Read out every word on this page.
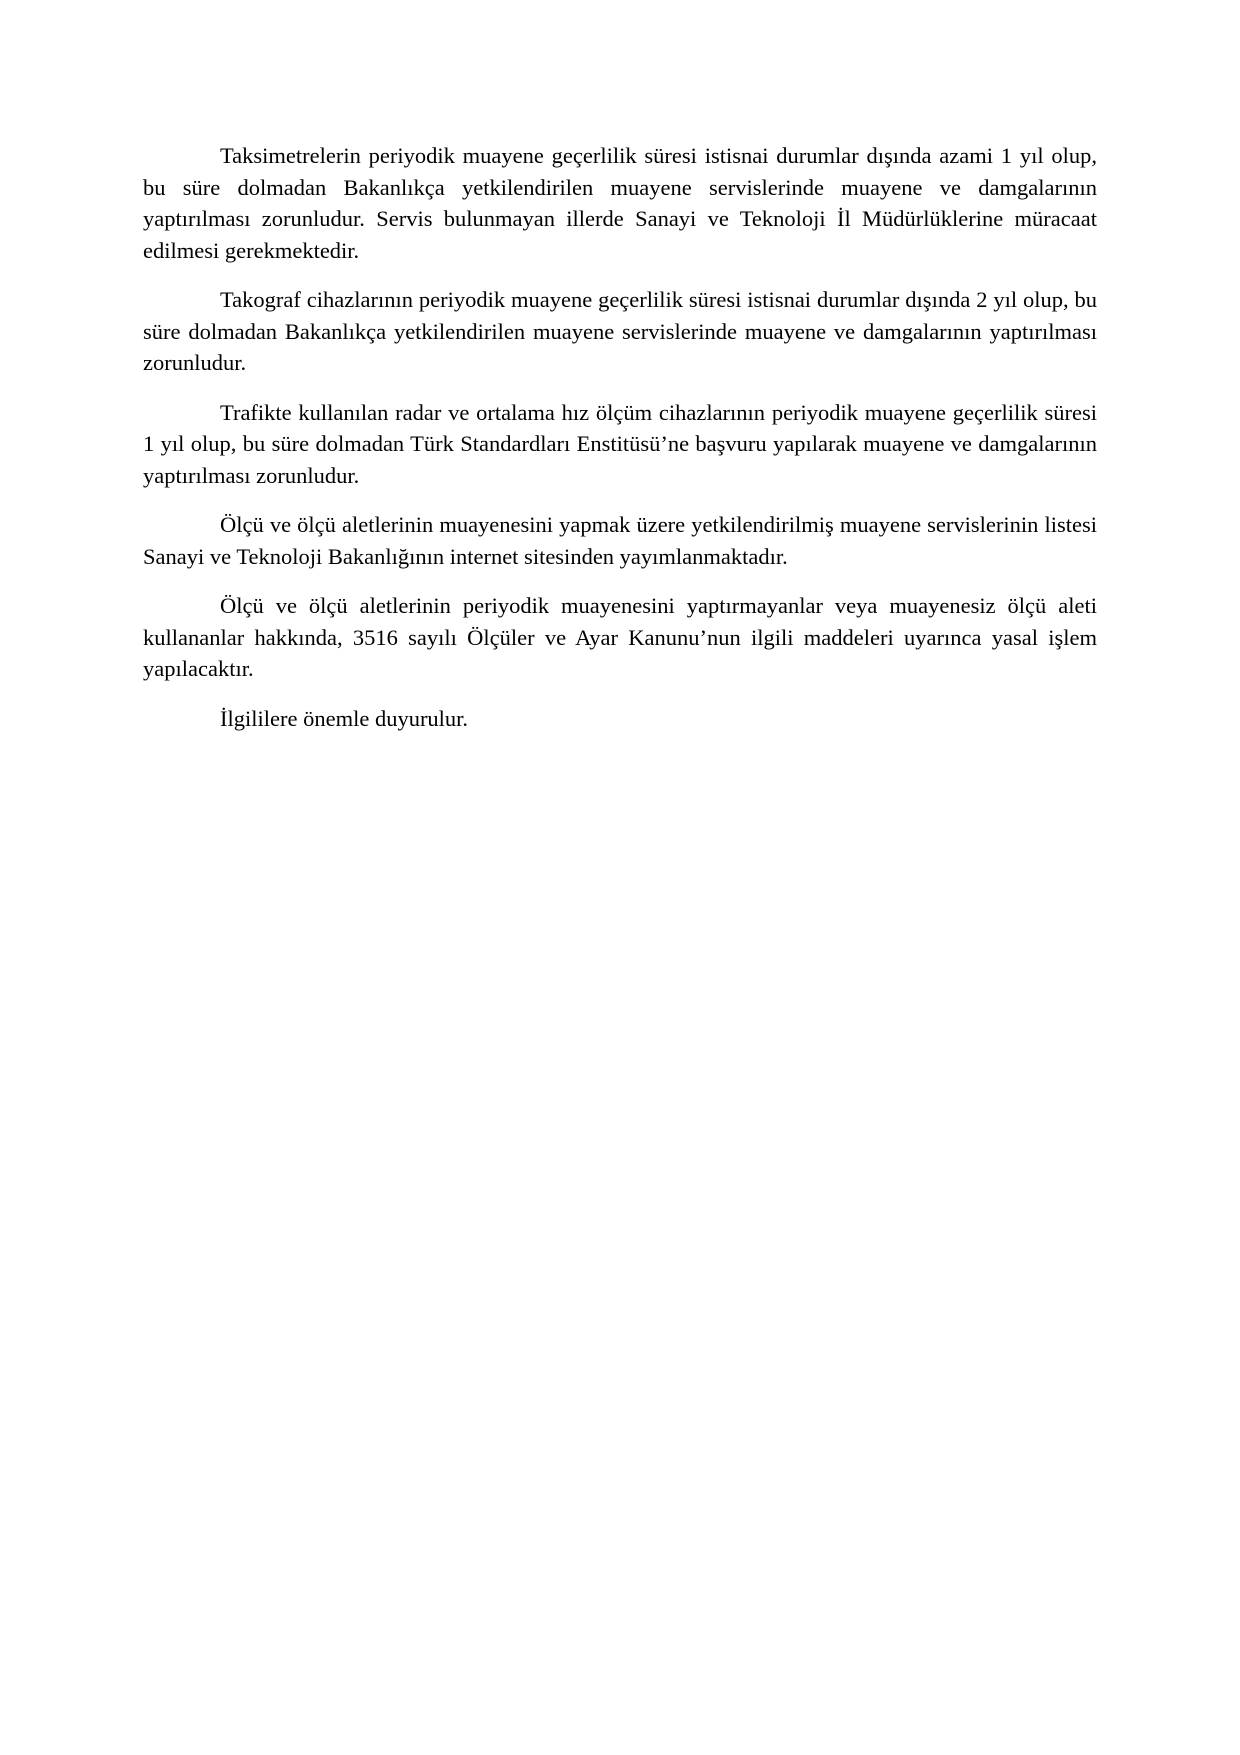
Taksimetrelerin periyodik muayene geçerlilik süresi istisnai durumlar dışında azami 1 yıl olup, bu süre dolmadan Bakanlıkça yetkilendirilen muayene servislerinde muayene ve damgalarının yaptırılması zorunludur. Servis bulunmayan illerde Sanayi ve Teknoloji İl Müdürlüklerine müracaat edilmesi gerekmektedir.

Takograf cihazlarının periyodik muayene geçerlilik süresi istisnai durumlar dışında 2 yıl olup, bu süre dolmadan Bakanlıkça yetkilendirilen muayene servislerinde muayene ve damgalarının yaptırılması zorunludur.

Trafikte kullanılan radar ve ortalama hız ölçüm cihazlarının periyodik muayene geçerlilik süresi 1 yıl olup, bu süre dolmadan Türk Standardları Enstitüsü’ne başvuru yapılarak muayene ve damgalarının yaptırılması zorunludur.

Ölçü ve ölçü aletlerinin muayenesini yapmak üzere yetkilendirilmiş muayene servislerinin listesi Sanayi ve Teknoloji Bakanlığının internet sitesinden yayımlanmaktadır.

Ölçü ve ölçü aletlerinin periyodik muayenesini yaptırmayanlar veya muayenesiz ölçü aleti kullananlar hakkında, 3516 sayılı Ölçüler ve Ayar Kanunu’nun ilgili maddeleri uyarınca yasal işlem yapılacaktır.

İlgililere önemle duyurulur.
